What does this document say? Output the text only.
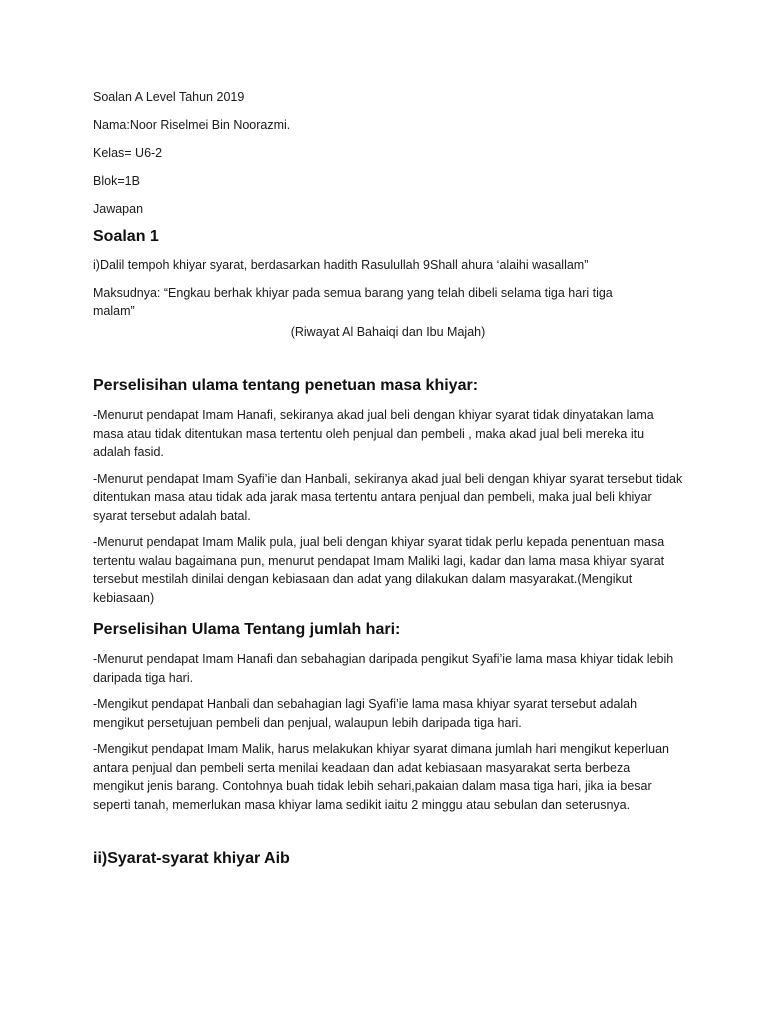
Soalan A Level Tahun 2019

Nama:Noor Riselmei Bin Noorazmi.

Kelas= U6-2

Blok=1B

Jawapan

Soalan 1

i)Dalil tempoh khiyar syarat, berdasarkan hadith Rasulullah 9Shall ahura ‘alaihi wasallam”

Maksudnya: “Engkau berhak khiyar pada semua barang yang telah dibeli selama tiga hari tiga malam”

(Riwayat Al Bahaiqi dan Ibu Majah)

Perselisihan ulama tentang penetuan masa khiyar:

-Menurut pendapat Imam Hanafi, sekiranya akad jual beli dengan khiyar syarat tidak dinyatakan lama masa atau tidak ditentukan masa tertentu oleh penjual dan pembeli , maka akad jual beli mereka itu adalah fasid.

-Menurut pendapat Imam Syafi’ie dan Hanbali, sekiranya akad jual beli dengan khiyar syarat tersebut tidak ditentukan masa atau tidak ada jarak masa tertentu antara penjual dan pembeli, maka jual beli khiyar syarat tersebut adalah batal.

-Menurut pendapat Imam Malik pula, jual beli dengan khiyar syarat tidak perlu kepada penentuan masa tertentu walau bagaimana pun, menurut pendapat Imam Maliki lagi, kadar dan lama masa khiyar syarat tersebut mestilah dinilai dengan kebiasaan dan adat yang dilakukan dalam masyarakat.(Mengikut kebiasaan)

Perselisihan Ulama Tentang jumlah hari:

-Menurut pendapat Imam Hanafi dan sebahagian daripada pengikut Syafi’ie lama masa khiyar tidak lebih daripada tiga hari.

-Mengikut pendapat Hanbali dan sebahagian lagi Syafi’ie lama masa khiyar syarat tersebut adalah mengikut persetujuan pembeli dan penjual, walaupun lebih daripada tiga hari.

-Mengikut pendapat Imam Malik, harus melakukan khiyar syarat dimana jumlah hari mengikut keperluan antara penjual dan pembeli serta menilai keadaan dan adat kebiasaan masyarakat serta berbeza mengikut jenis barang. Contohnya buah tidak lebih sehari,pakaian dalam masa tiga hari, jika ia besar seperti tanah, memerlukan masa khiyar lama sedikit iaitu 2 minggu atau sebulan dan seterusnya.

ii)Syarat-syarat khiyar Aib
